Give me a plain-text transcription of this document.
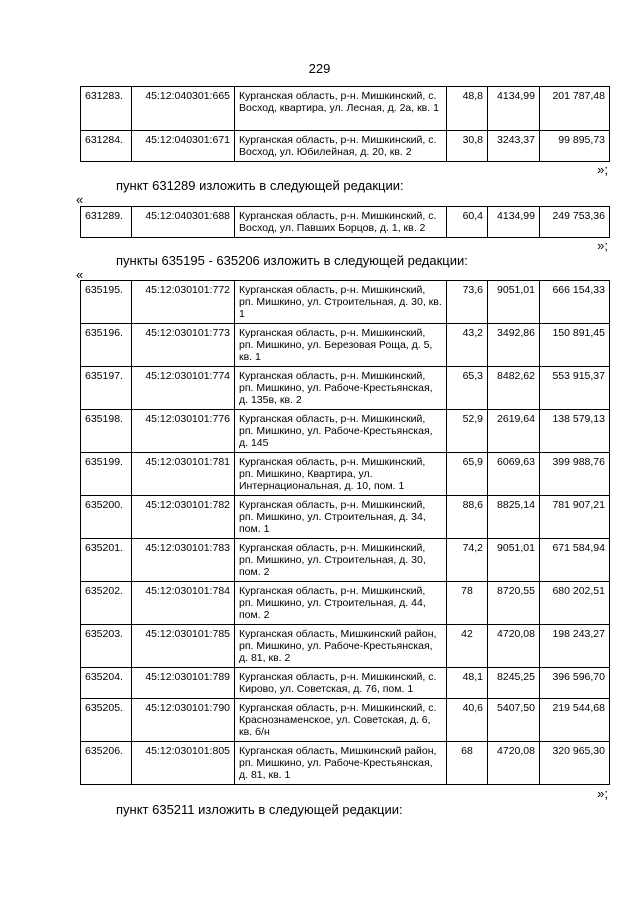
229
631283.	45:12:040301:665	Курганская область, р-н. Мишкинский, с. Восход, квартира, ул. Лесная, д. 2а, кв. 1	48,8	4134,99	201 787,48
631284.	45:12:040301:671	Курганская область, р-н. Мишкинский, с. Восход, ул. Юбилейная, д. 20, кв. 2	30,8	3243,37	99 895,73
»;
пункт 631289 изложить в следующей редакции:
«
631289.	45:12:040301:688	Курганская область, р-н. Мишкинский, с. Восход, ул. Павших Борцов, д. 1, кв. 2	60,4	4134,99	249 753,36
»;
пункты 635195 - 635206 изложить в следующей редакции:
«
635195.	45:12:030101:772	Курганская область, р-н. Мишкинский, рп. Мишкино, ул. Строительная, д. 30, кв. 1	73,6	9051,01	666 154,33
635196.	45:12:030101:773	Курганская область, р-н. Мишкинский, рп. Мишкино, ул. Березовая Роща, д. 5, кв. 1	43,2	3492,86	150 891,45
635197.	45:12:030101:774	Курганская область, р-н. Мишкинский, рп. Мишкино, ул. Рабоче-Крестьянская, д. 135в, кв. 2	65,3	8482,62	553 915,37
635198.	45:12:030101:776	Курганская область, р-н. Мишкинский, рп. Мишкино, ул. Рабоче-Крестьянская, д. 145	52,9	2619,64	138 579,13
635199.	45:12:030101:781	Курганская область, р-н. Мишкинский, рп. Мишкино, Квартира, ул. Интернациональная, д. 10, пом. 1	65,9	6069,63	399 988,76
635200.	45:12:030101:782	Курганская область, р-н. Мишкинский, рп. Мишкино, ул. Строительная, д. 34, пом. 1	88,6	8825,14	781 907,21
635201.	45:12:030101:783	Курганская область, р-н. Мишкинский, рп. Мишкино, ул. Строительная, д. 30, пом. 2	74,2	9051,01	671 584,94
635202.	45:12:030101:784	Курганская область, р-н. Мишкинский, рп. Мишкино, ул. Строительная, д. 44, пом. 2	78	8720,55	680 202,51
635203.	45:12:030101:785	Курганская область, Мишкинский район, рп. Мишкино, ул. Рабоче-Крестьянская, д. 81, кв. 2	42	4720,08	198 243,27
635204.	45:12:030101:789	Курганская область, р-н. Мишкинский, с. Кирово, ул. Советская, д. 76, пом. 1	48,1	8245,25	396 596,70
635205.	45:12:030101:790	Курганская область, р-н. Мишкинский, с. Краснознаменское, ул. Советская, д. 6, кв. б/н	40,6	5407,50	219 544,68
635206.	45:12:030101:805	Курганская область, Мишкинский район, рп. Мишкино, ул. Рабоче-Крестьянская, д. 81, кв. 1	68	4720,08	320 965,30
»;
пункт 635211 изложить в следующей редакции:
